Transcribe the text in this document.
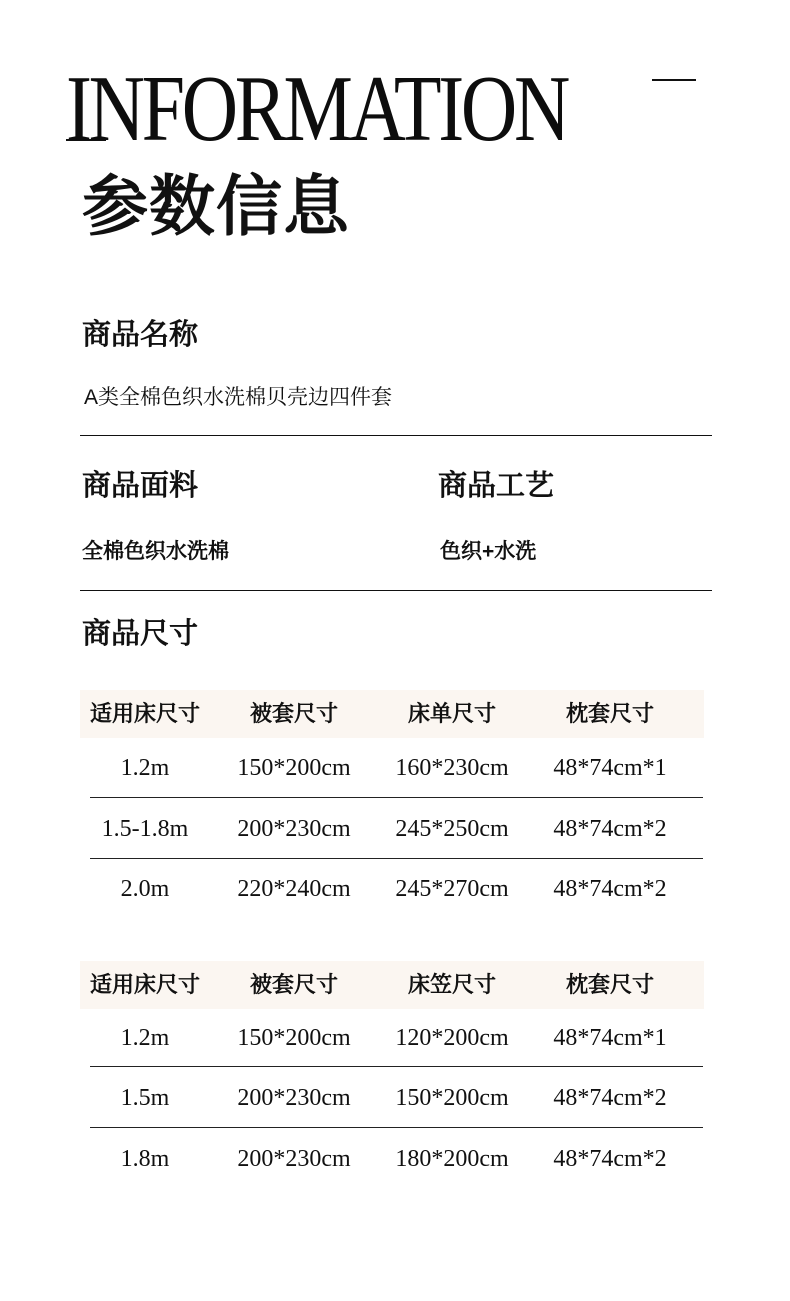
INFORMATION
参数信息
商品名称
A类全棉色织水洗棉贝壳边四件套
商品面料
全棉色织水洗棉
商品工艺
色织+水洗
商品尺寸
适用床尺寸	被套尺寸	床单尺寸	枕套尺寸
1.2m	150*200cm	160*230cm	48*74cm*1
1.5-1.8m	200*230cm	245*250cm	48*74cm*2
2.0m	220*240cm	245*270cm	48*74cm*2
适用床尺寸	被套尺寸	床笠尺寸	枕套尺寸
1.2m	150*200cm	120*200cm	48*74cm*1
1.5m	200*230cm	150*200cm	48*74cm*2
1.8m	200*230cm	180*200cm	48*74cm*2
